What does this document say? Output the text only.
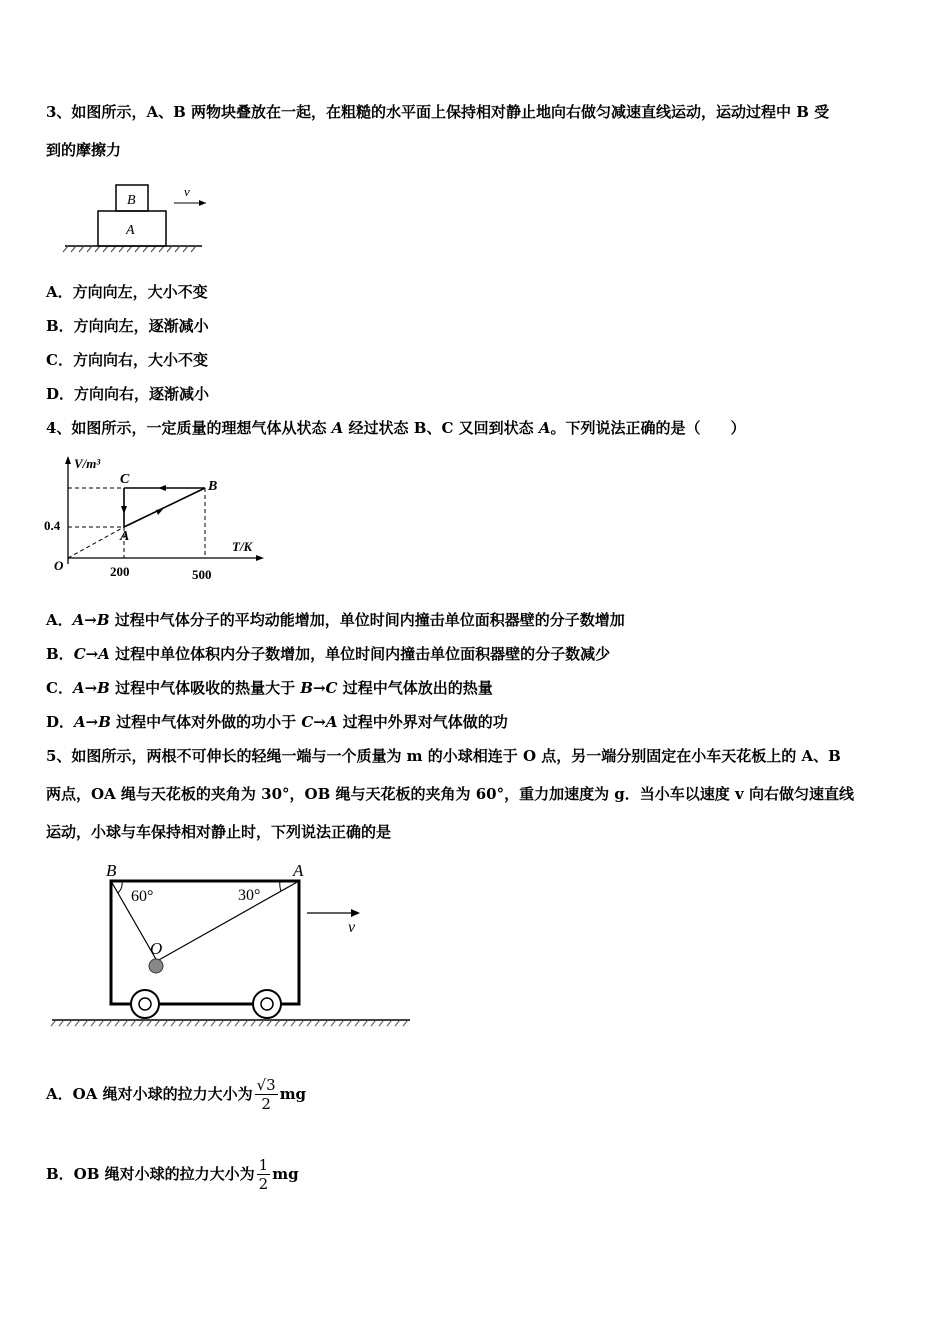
3、如图所示，A、B 两物块叠放在一起，在粗糙的水平面上保持相对静止地向右做匀减速直线运动，运动过程中 B 受
到的摩擦力
B
A
v
A．方向向左，大小不变
B．方向向左，逐渐减小
C．方向向右，大小不变
D．方向向右，逐渐减小
4、如图所示，一定质量的理想气体从状态 A 经过状态 B、C 又回到状态 A。下列说法正确的是（　　）
V/m³
T/K
O
0.4
200	500
C	B
A
A．A→B 过程中气体分子的平均动能增加，单位时间内撞击单位面积器壁的分子数增加
B．C→A 过程中单位体积内分子数增加，单位时间内撞击单位面积器壁的分子数减少
C．A→B 过程中气体吸收的热量大于 B→C 过程中气体放出的热量
D．A→B 过程中气体对外做的功小于 C→A 过程中外界对气体做的功
5、如图所示，两根不可伸长的轻绳一端与一个质量为 m 的小球相连于 O 点，另一端分别固定在小车天花板上的 A、B
两点，OA 绳与天花板的夹角为 30°，OB 绳与天花板的夹角为 60°，重力加速度为 g．当小车以速度 v 向右做匀速直线
运动，小球与车保持相对静止时，下列说法正确的是
B	A
O
60°	30°
v
A．OA 绳对小球的拉力大小为 $\frac{√3}{2}$ mg
B．OB 绳对小球的拉力大小为 $\frac{1}{2}$ mg
